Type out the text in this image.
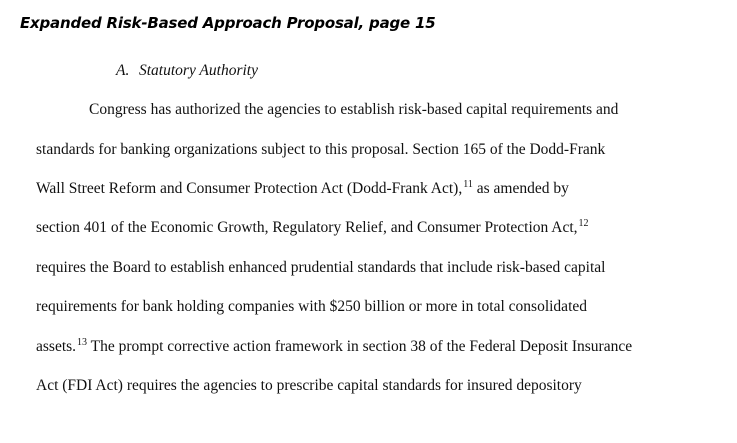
Expanded Risk-Based Approach Proposal, page 15
A. Statutory Authority
Congress has authorized the agencies to establish risk-based capital requirements and
standards for banking organizations subject to this proposal. Section 165 of the Dodd-Frank
Wall Street Reform and Consumer Protection Act (Dodd-Frank Act),$^{11}$ as amended by
section 401 of the Economic Growth, Regulatory Relief, and Consumer Protection Act,$^{12}$
requires the Board to establish enhanced prudential standards that include risk-based capital
requirements for bank holding companies with $250 billion or more in total consolidated
assets.$^{13}$ The prompt corrective action framework in section 38 of the Federal Deposit Insurance
Act (FDI Act) requires the agencies to prescribe capital standards for insured depository
